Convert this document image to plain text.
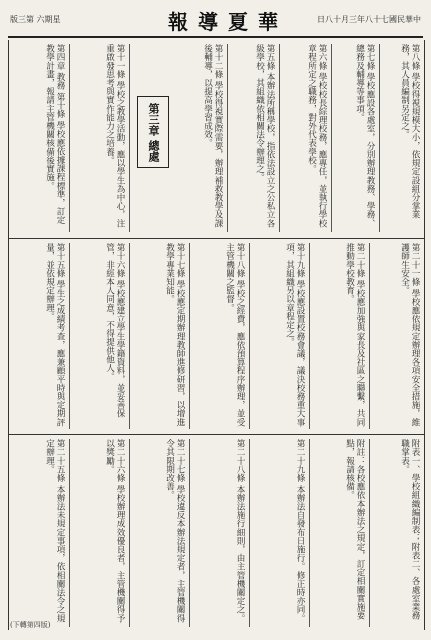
版三第 六期星	報導夏華	日八十月三年八十七國民華中
第四章 教務 第十條 學校應依據課程標準，訂定教學計畫，報請主管機關核備後實施。	第十一條 學校之教學活動，應以學生為中心，注重啟發思考與實作能力之培養。	第十二條 學校得視實際需要，辦理補救教學及課後輔導，以提高學習成效。
第三章 總處	第五條 本辦法所稱學校，指依法設立之公私立各級學校，其組織依相關法令辦理之。	第六條 學校校長綜理校務，應專任，並執行學校章程所定之職務，對外代表學校。	第七條 學校應設各處室，分別辦理教務、學務、總務及輔導等事項。	第八條 學校得視規模大小，依規定設組分掌業務，其人員編制另定之。
第十五條 學生之成績考查，應兼顧平時與定期評量，並依規定辦理。	第十六條 學校應建立學生學籍資料，並妥善保管，非經本人同意，不得提供他人。	第十七條 學校應定期辦理教師進修研習，以增進教學專業知能。	第十八條 學校之經費，應依預算程序辦理，並受主管機關之監督。	第十九條 學校應設置校務會議，議決校務重大事項，其組織另以章程定之。	第二十條 學校應加強與家長及社區之聯繫，共同推動學校教育。	第二十一條 學校應依規定辦理各項安全措施，維護師生安全。
第二十五條 本辦法未規定事項，依相關法令之規定辦理。	第二十六條 學校辦理成效優良者，主管機關得予以獎勵。	第二十七條 學校違反本辦法規定者，主管機關得令其限期改善。	第二十八條 本辦法施行細則，由主管機關定之。	第二十九條 本辦法自發布日施行。修正時亦同。	附註：各校應依本辦法之規定，訂定相關實施要點，報請核備。	附表一、學校組織編制表；附表二、各處室業務職掌表。
(下轉第四版)
